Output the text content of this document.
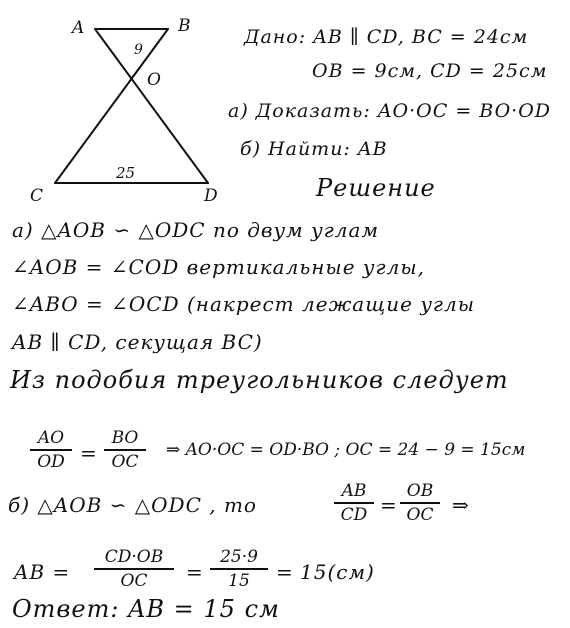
A	B
O
9
C	D
25
Дано: AB ∥ CD, BC = 24см
OB = 9см, CD = 25см
а) Доказать: AO·OC = BO·OD
б) Найти: AB
Решение
а) △AOB ∽ △ODC по двум углам
∠AOB = ∠COD вертикальные углы,
∠ABO = ∠OCD (накрест лежащие углы
AB ∥ CD, секущая BC)
Из подобия треугольников следует
AO
OD =
BO
OC
⇒ AO·OC = OD·BO ; OC = 24 − 9 = 15см
б) △AOB ∽ △ODC , то
AB
CD =
OB
OC ⇒
AB =
CD·OB
OC	=
25·9
15	= 15(см)
Ответ: AB = 15 см
